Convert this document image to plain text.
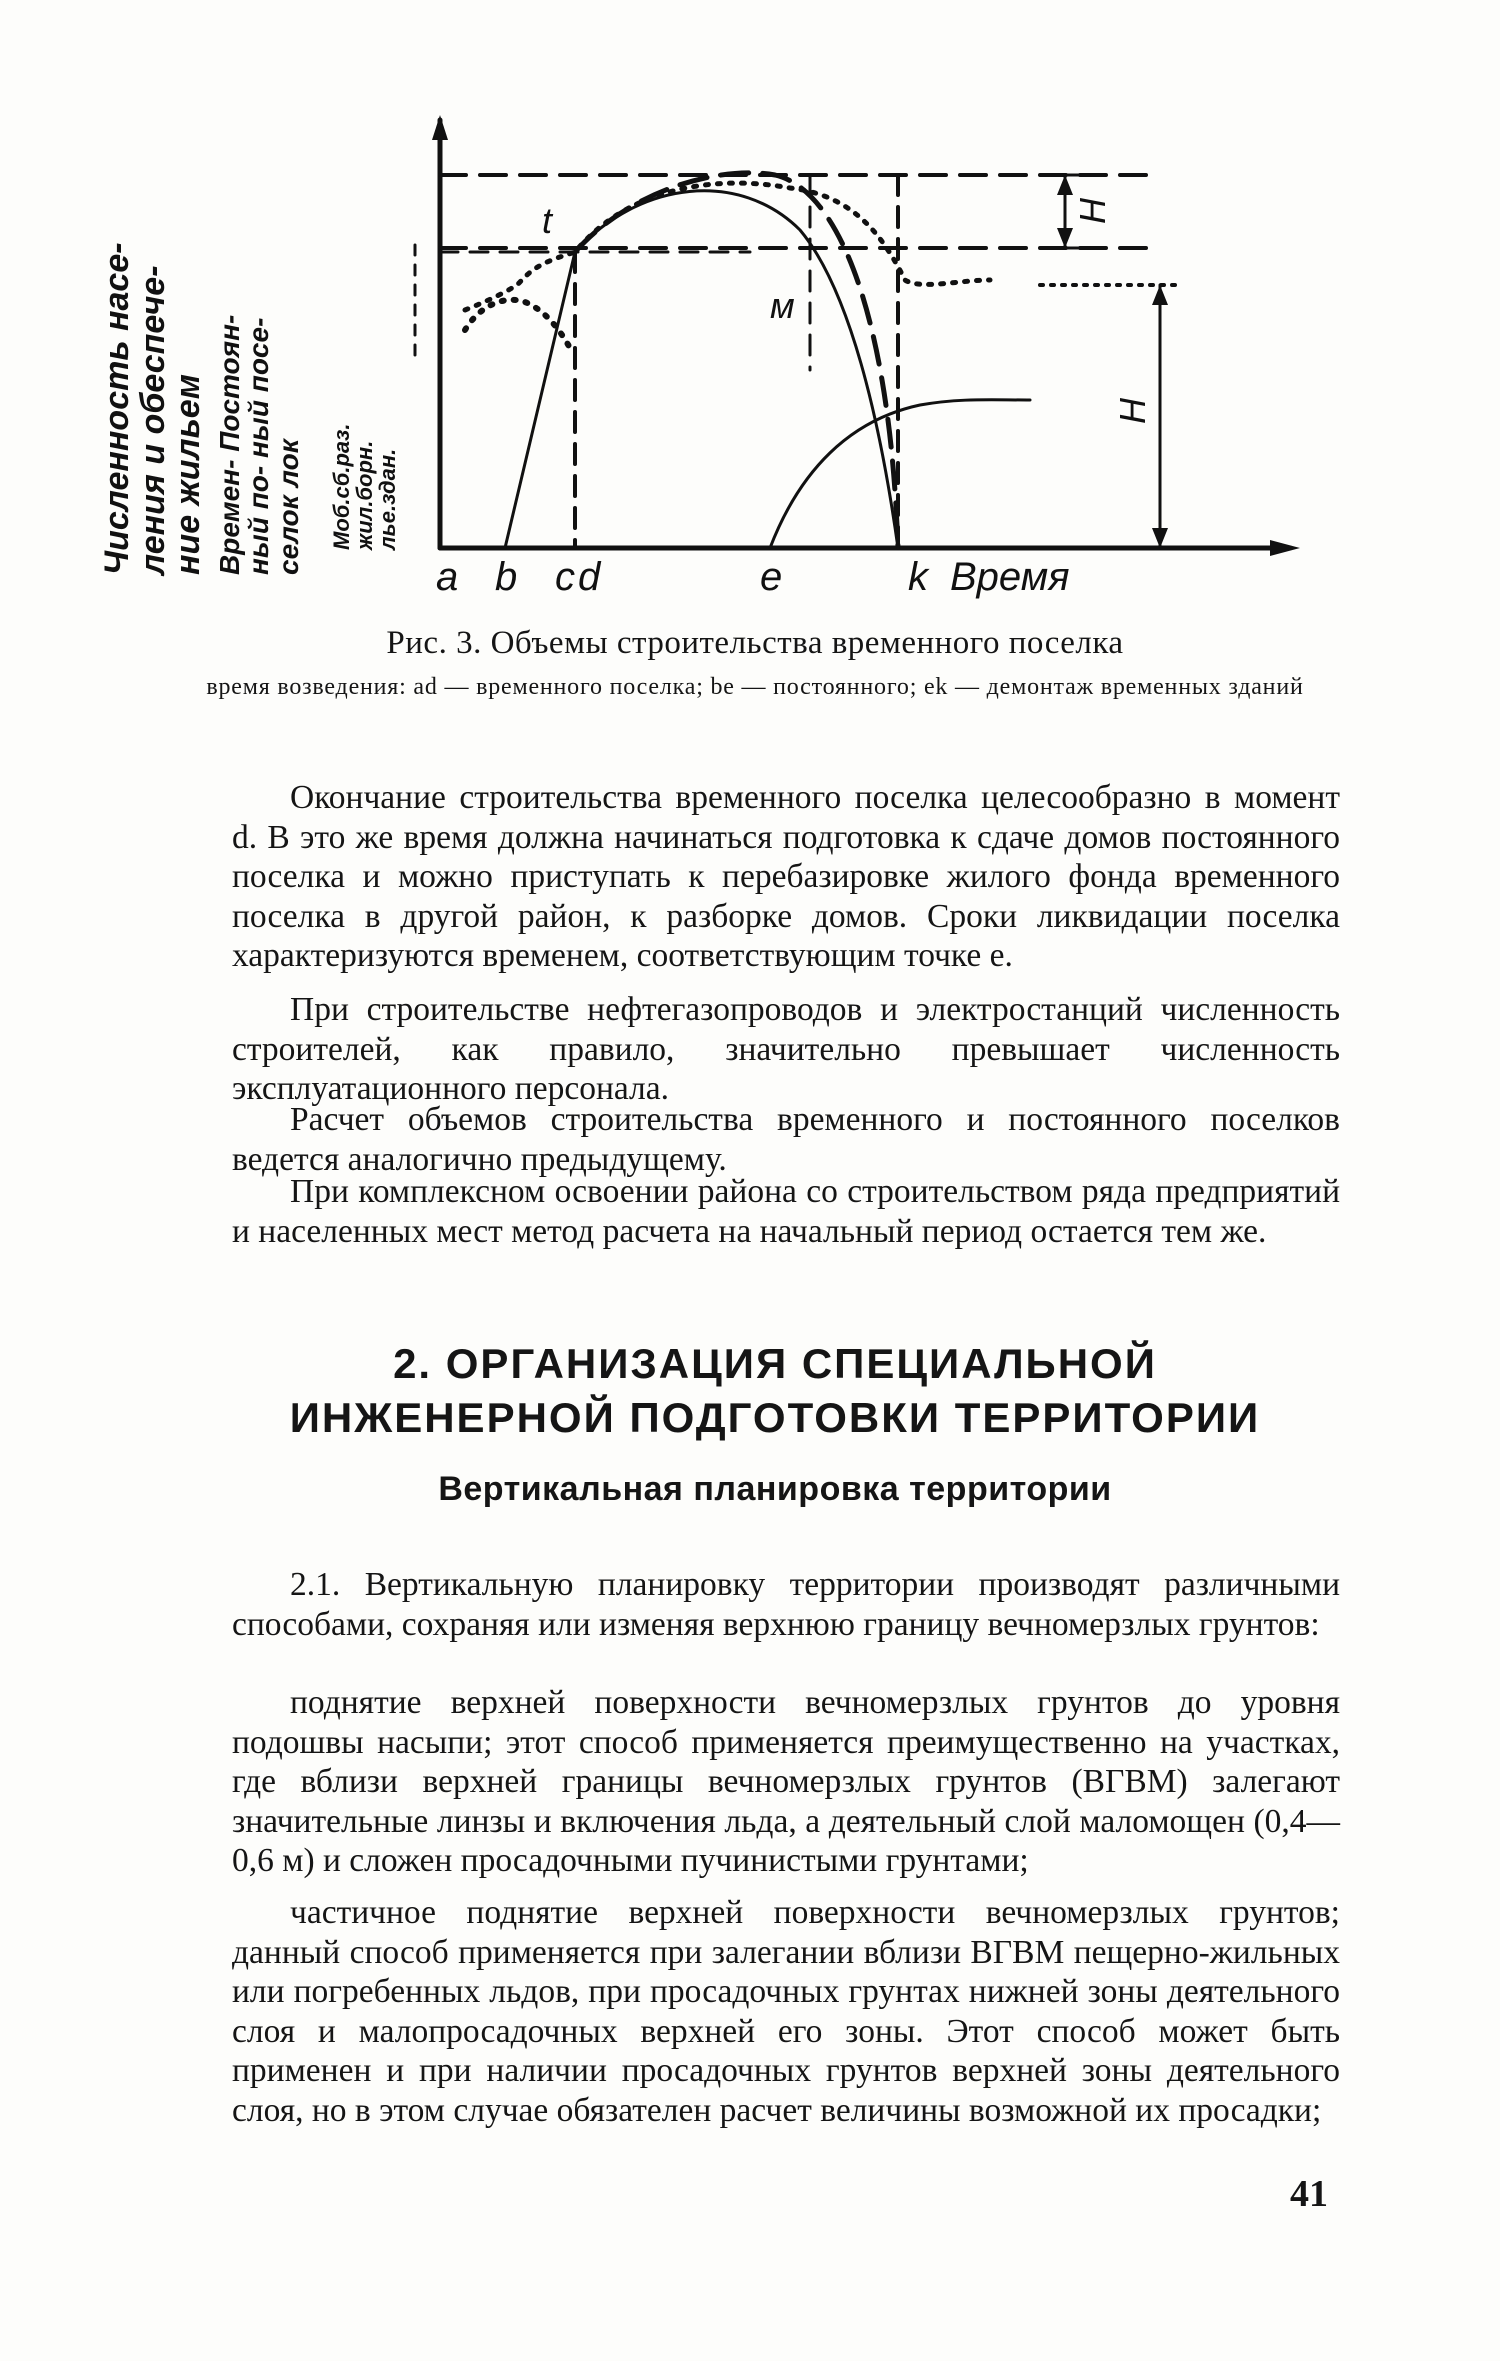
Численность насе-
ления и обеспече-
ние жильем Времен- Постоян-
ный по- ный посе-
селок лок Моб.сб.раз.
жил.борн.
лье.здан.
a b c d	e	k Время
t
м
H
H
Рис. 3. Объемы строительства временного поселка
время возведения: ad — временного поселка; be — постоянного; ek — демонтаж временных зданий

Окончание строительства временного поселка целесообразно в момент d. В это же время должна начинаться подготовка к сдаче домов постоянного поселка и можно приступать к перебазировке жилого фонда временного поселка в другой район, к разборке домов. Сроки ликвидации поселка характеризуются временем, соответствующим точке e.

При строительстве нефтегазопроводов и электростанций численность строителей, как правило, значительно превышает численность эксплуатационного персонала.

Расчет объемов строительства временного и постоянного поселков ведется аналогично предыдущему.

При комплексном освоении района со строительством ряда предприятий и населенных мест метод расчета на начальный период остается тем же.

2. ОРГАНИЗАЦИЯ СПЕЦИАЛЬНОЙ
ИНЖЕНЕРНОЙ ПОДГОТОВКИ ТЕРРИТОРИИ
Вертикальная планировка территории

2.1. Вертикальную планировку территории производят различными способами, сохраняя или изменяя верхнюю границу вечномерзлых грунтов:

поднятие верхней поверхности вечномерзлых грунтов до уровня подошвы насыпи; этот способ применяется преимущественно на участках, где вблизи верхней границы вечномерзлых грунтов (ВГВМ) залегают значительные линзы и включения льда, а деятельный слой маломощен (0,4—0,6 м) и сложен просадочными пучинистыми грунтами;

частичное поднятие верхней поверхности вечномерзлых грунтов; данный способ применяется при залегании вблизи ВГВМ пещерно-жильных или погребенных льдов, при просадочных грунтах нижней зоны деятельного слоя и малопросадочных верхней его зоны. Этот способ может быть применен и при наличии просадочных грунтов верхней зоны деятельного слоя, но в этом случае обязателен расчет величины возможной их просадки;

41
